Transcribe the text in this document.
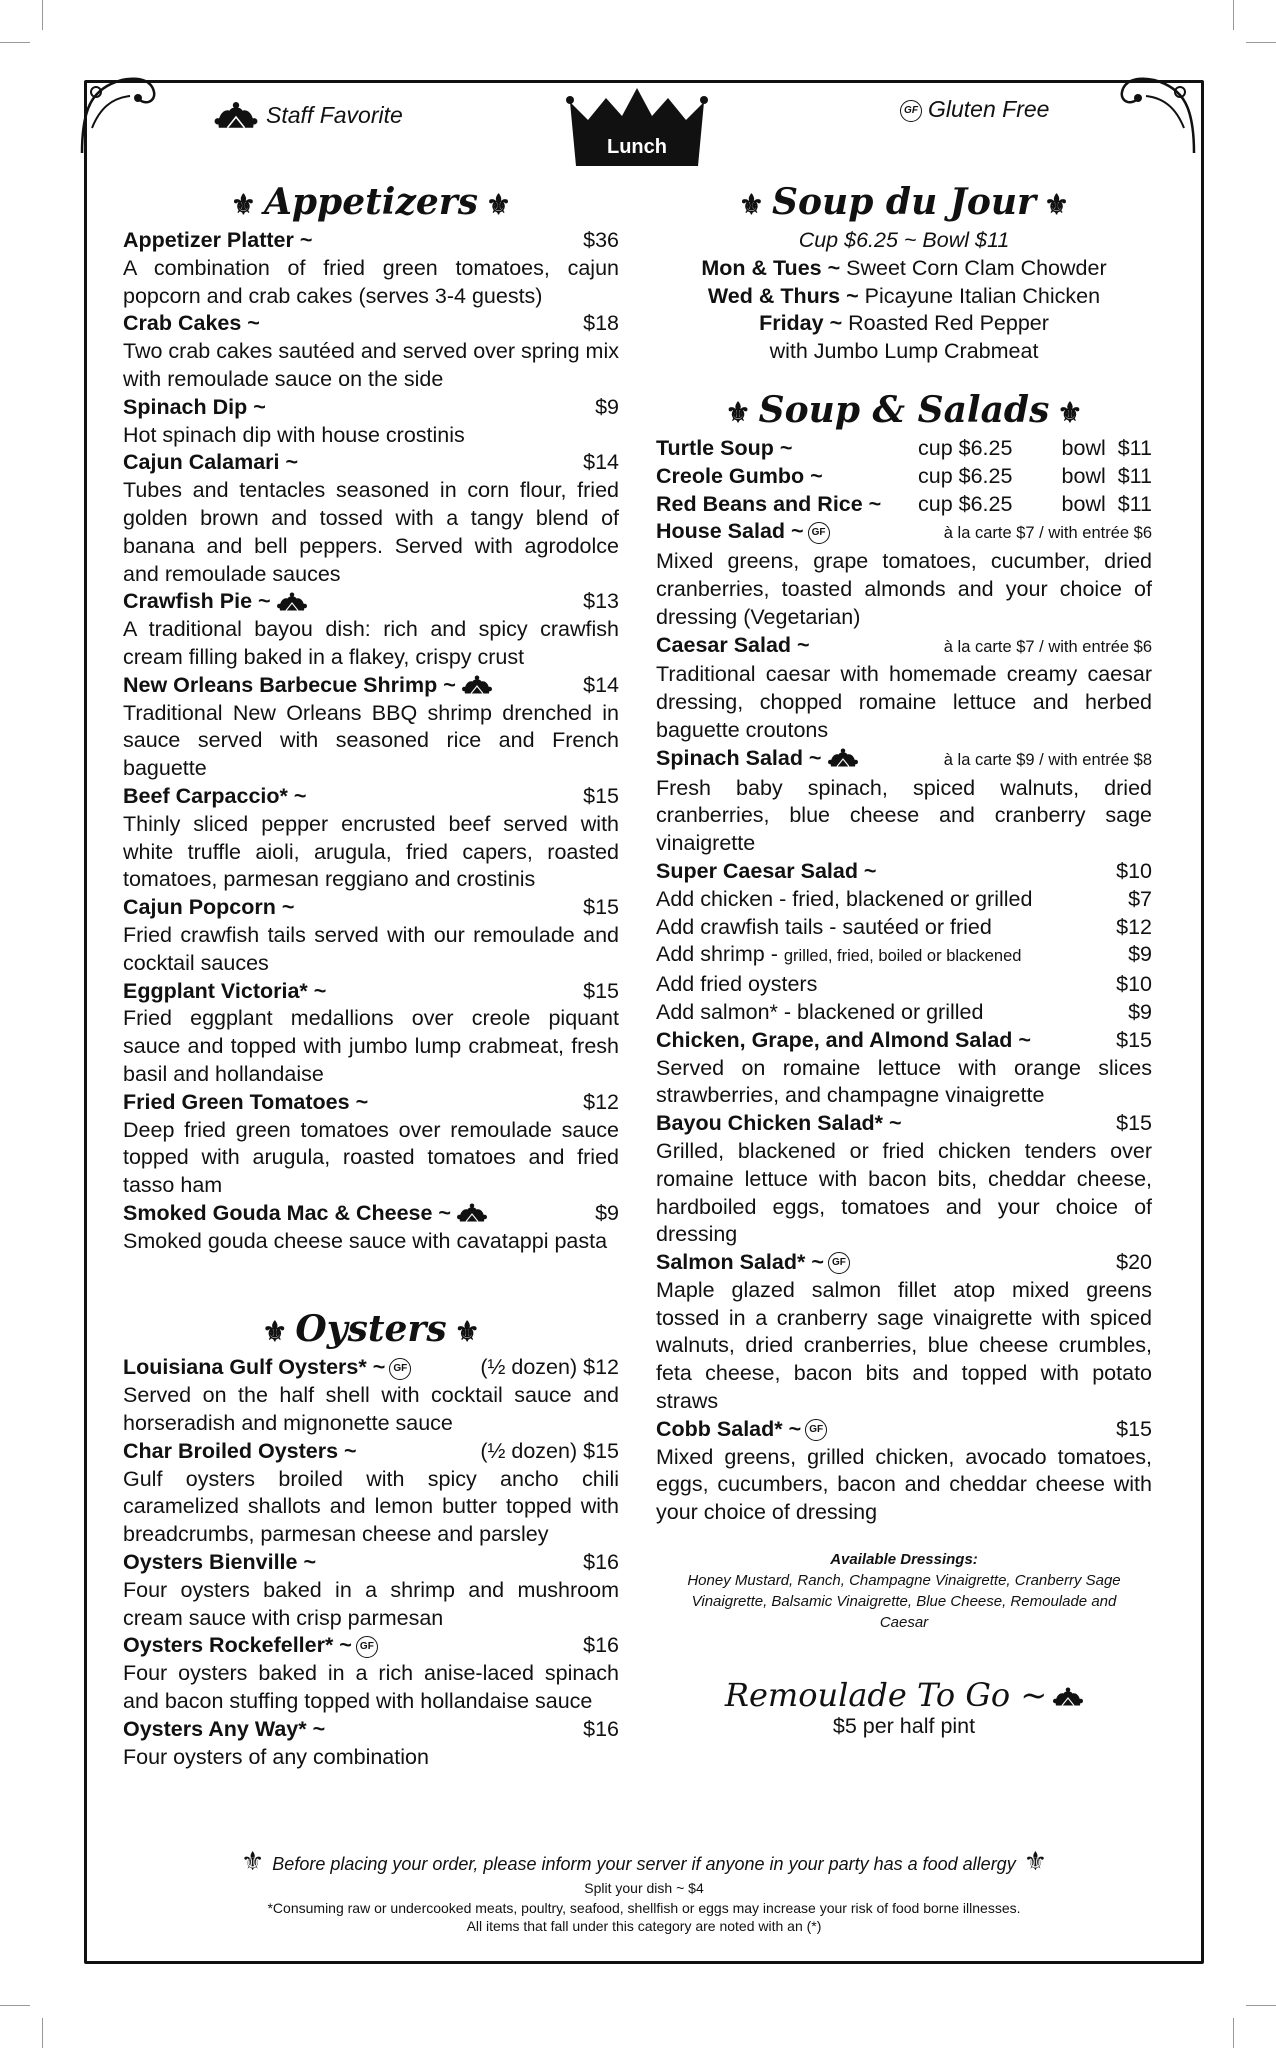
Staff Favorite	GF Gluten Free
Lunch
⚜ Appetizers ⚜
Appetizer Platter ~	$36
A combination of fried green tomatoes, cajun popcorn and crab cakes (serves 3-4 guests)
Crab Cakes ~	$18
Two crab cakes sautéed and served over spring mix with remoulade sauce on the side
Spinach Dip ~	$9
Hot spinach dip with house crostinis
Cajun Calamari ~	$14
Tubes and tentacles seasoned in corn flour, fried golden brown and tossed with a tangy blend of banana and bell peppers. Served with agrodolce and remoulade sauces
Crawfish Pie ~	$13
A traditional bayou dish: rich and spicy crawfish cream filling baked in a flakey, crispy crust
New Orleans Barbecue Shrimp ~	$14
Traditional New Orleans BBQ shrimp drenched in sauce served with seasoned rice and French baguette
Beef Carpaccio* ~	$15
Thinly sliced pepper encrusted beef served with white truffle aioli, arugula, fried capers, roasted tomatoes, parmesan reggiano and crostinis
Cajun Popcorn ~	$15
Fried crawfish tails served with our remoulade and cocktail sauces
Eggplant Victoria* ~	$15
Fried eggplant medallions over creole piquant sauce and topped with jumbo lump crabmeat, fresh basil and hollandaise
Fried Green Tomatoes ~	$12
Deep fried green tomatoes over remoulade sauce topped with arugula, roasted tomatoes and fried tasso ham
Smoked Gouda Mac & Cheese ~	$9
Smoked gouda cheese sauce with cavatappi pasta
⚜ Oysters ⚜
Louisiana Gulf Oysters* ~ GF	(½ dozen) $12
Served on the half shell with cocktail sauce and horseradish and mignonette sauce
Char Broiled Oysters ~	(½ dozen) $15
Gulf oysters broiled with spicy ancho chili caramelized shallots and lemon butter topped with breadcrumbs, parmesan cheese and parsley
Oysters Bienville ~	$16
Four oysters baked in a shrimp and mushroom cream sauce with crisp parmesan
Oysters Rockefeller* ~ GF	$16
Four oysters baked in a rich anise-laced spinach and bacon stuffing topped with hollandaise sauce
Oysters Any Way* ~	$16
Four oysters of any combination
⚜ Soup du Jour ⚜
Cup $6.25 ~ Bowl $11
Mon & Tues ~ Sweet Corn Clam Chowder
Wed & Thurs ~ Picayune Italian Chicken
Friday ~ Roasted Red Pepper
with Jumbo Lump Crabmeat
⚜ Soup & Salads ⚜
Turtle Soup ~	cup $6.25	bowl  $11
Creole Gumbo ~	cup $6.25	bowl  $11
Red Beans and Rice ~	cup $6.25	bowl  $11
House Salad ~ GF	à la carte $7 / with entrée $6
Mixed greens, grape tomatoes, cucumber, dried cranberries, toasted almonds and your choice of dressing (Vegetarian)
Caesar Salad ~	à la carte $7 / with entrée $6
Traditional caesar with homemade creamy caesar dressing, chopped romaine lettuce and herbed baguette croutons
Spinach Salad ~	à la carte $9 / with entrée $8
Fresh baby spinach, spiced walnuts, dried cranberries, blue cheese and cranberry sage vinaigrette
Super Caesar Salad ~	$10
Add chicken - fried, blackened or grilled	$7
Add crawfish tails - sautéed or fried	$12
Add shrimp - grilled, fried, boiled or blackened	$9
Add fried oysters	$10
Add salmon* - blackened or grilled	$9
Chicken, Grape, and Almond Salad ~	$15
Served on romaine lettuce with orange slices strawberries, and champagne vinaigrette
Bayou Chicken Salad* ~	$15
Grilled, blackened or fried chicken tenders over romaine lettuce with bacon bits, cheddar cheese, hardboiled eggs, tomatoes and your choice of dressing
Salmon Salad* ~ GF	$20
Maple glazed salmon fillet atop mixed greens tossed in a cranberry sage vinaigrette with spiced walnuts, dried cranberries, blue cheese crumbles, feta cheese, bacon bits and topped with potato straws
Cobb Salad* ~ GF	$15
Mixed greens, grilled chicken, avocado tomatoes, eggs, cucumbers, bacon and cheddar cheese with your choice of dressing
Available Dressings:
Honey Mustard, Ranch, Champagne Vinaigrette, Cranberry Sage Vinaigrette, Balsamic Vinaigrette, Blue Cheese, Remoulade and Caesar
Remoulade To Go ~
$5 per half pint
⚜ Before placing your order, please inform your server if anyone in your party has a food allergy ⚜
Split your dish ~ $4
*Consuming raw or undercooked meats, poultry, seafood, shellfish or eggs may increase your risk of food borne illnesses.
All items that fall under this category are noted with an (*)
